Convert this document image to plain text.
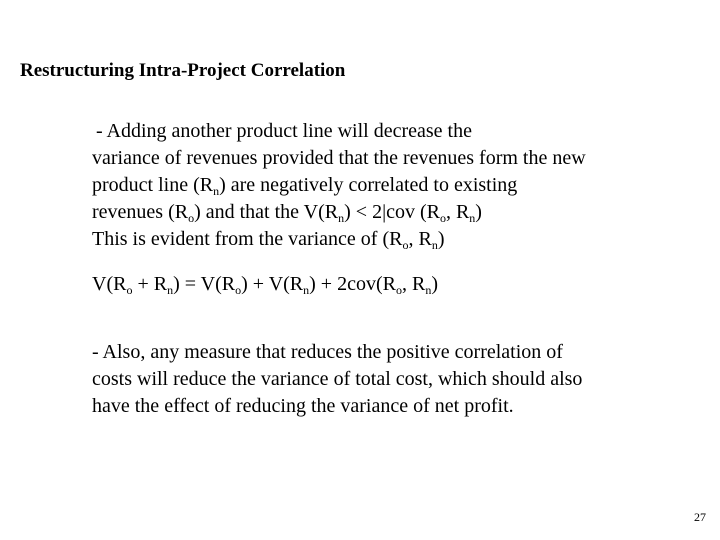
Restructuring Intra-Project Correlation
- Adding another product line will decrease the
variance of revenues provided that the revenues form the new
product line $(R_n)$ are negatively correlated to existing
revenues $(R_o)$ and that the $V(R_n) < 2|cov$ ($R_o$, $R_n$)
This is evident from the variance of ($R_o$, $R_n$)
$V(R_o + R_n) = V(R_o) + V(R_n) + 2cov(R_o$, $R_n$)
- Also, any measure that reduces the positive correlation of
costs will reduce the variance of total cost, which should also
have the effect of reducing the variance of net profit.
27
